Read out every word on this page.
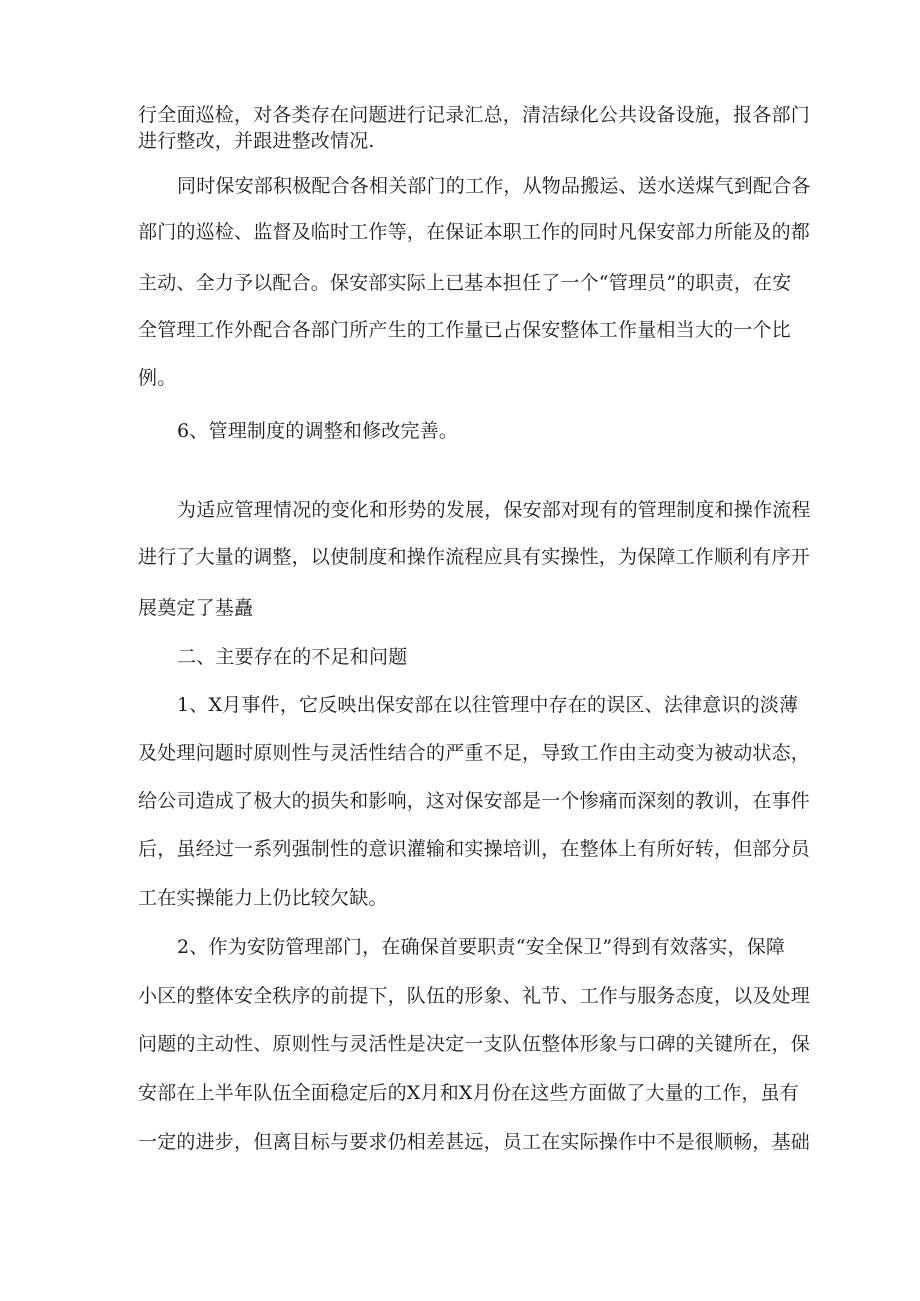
行全面巡检，对各类存在问题进行记录汇总，清洁绿化公共设备设施，报各部门
进行整改，并跟进整改情况.
同时保安部积极配合各相关部门的工作，从物品搬运、送水送煤气到配合各
部门的巡检、监督及临时工作等，在保证本职工作的同时凡保安部力所能及的都
主动、全力予以配合。保安部实际上已基本担任了一个“管理员”的职责，在安
全管理工作外配合各部门所产生的工作量已占保安整体工作量相当大的一个比
例。
6、管理制度的调整和修改完善。
为适应管理情况的变化和形势的发展，保安部对现有的管理制度和操作流程
进行了大量的调整，以使制度和操作流程应具有实操性，为保障工作顺利有序开
展奠定了基矗
二、主要存在的不足和问题
1、X月事件，它反映出保安部在以往管理中存在的误区、法律意识的淡薄
及处理问题时原则性与灵活性结合的严重不足，导致工作由主动变为被动状态，
给公司造成了极大的损失和影响，这对保安部是一个惨痛而深刻的教训，在事件
后，虽经过一系列强制性的意识灌输和实操培训，在整体上有所好转，但部分员
工在实操能力上仍比较欠缺。
2、作为安防管理部门，在确保首要职责“安全保卫”得到有效落实，保障
小区的整体安全秩序的前提下，队伍的形象、礼节、工作与服务态度，以及处理
问题的主动性、原则性与灵活性是决定一支队伍整体形象与口碑的关键所在，保
安部在上半年队伍全面稳定后的X月和X月份在这些方面做了大量的工作，虽有
一定的进步，但离目标与要求仍相差甚远，员工在实际操作中不是很顺畅，基础
